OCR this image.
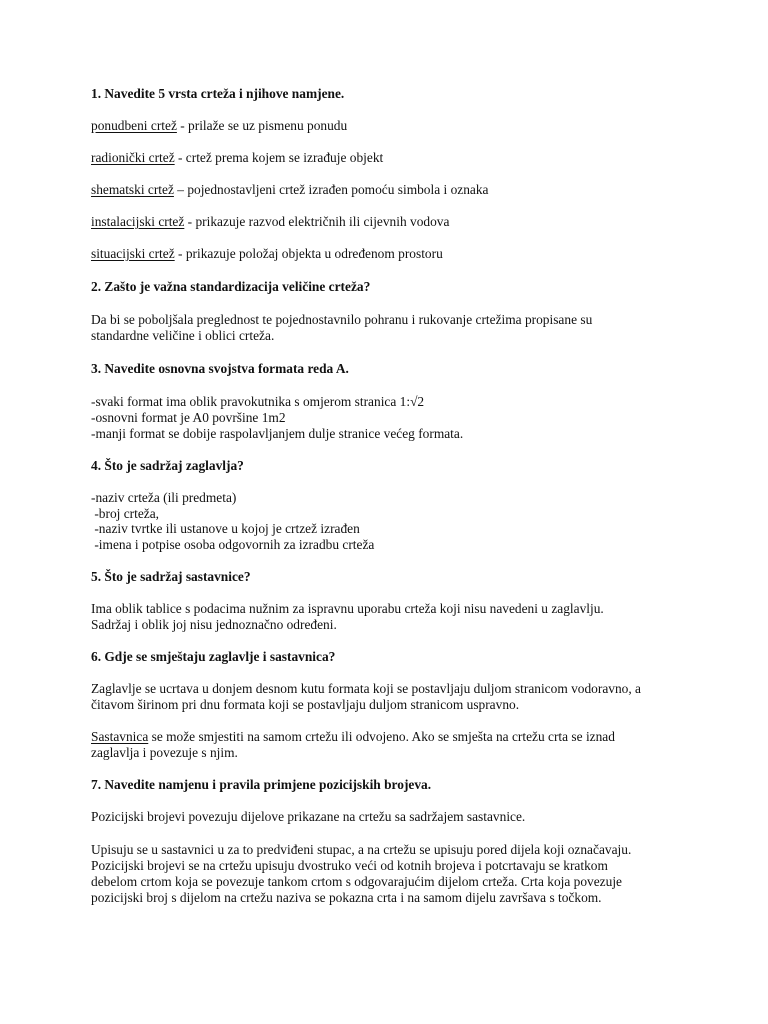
1. Navedite 5 vrsta crteža i njihove namjene.
ponudbeni crtež - prilaže se uz pismenu ponudu
radionički crtež - crtež prema kojem se izrađuje objekt
shematski crtež – pojednostavljeni crtež izrađen pomoću simbola i oznaka
instalacijski crtež - prikazuje razvod električnih ili cijevnih vodova
situacijski crtež - prikazuje položaj objekta u određenom prostoru
2. Zašto je važna standardizacija veličine crteža?
Da bi se poboljšala preglednost te pojednostavnilo pohranu i rukovanje crtežima propisane su
standardne veličine i oblici crteža.
3. Navedite osnovna svojstva formata reda A.
-svaki format ima oblik pravokutnika s omjerom stranica 1:√2
-osnovni format je A0 površine 1m2
-manji format se dobije raspolavljanjem dulje stranice većeg formata.
4. Što je sadržaj zaglavlja?
-naziv crteža (ili predmeta)
-broj crteža,
-naziv tvrtke ili ustanove u kojoj je crtzež izrađen
-imena i potpise osoba odgovornih za izradbu crteža
5. Što je sadržaj sastavnice?
Ima oblik tablice s podacima nužnim za ispravnu uporabu crteža koji nisu navedeni u zaglavlju.
Sadržaj i oblik joj nisu jednoznačno određeni.
6. Gdje se smještaju zaglavlje i sastavnica?
Zaglavlje se ucrtava u donjem desnom kutu formata koji se postavljaju duljom stranicom vodoravno, a
čitavom širinom pri dnu formata koji se postavljaju duljom stranicom uspravno.
Sastavnica se može smjestiti na samom crtežu ili odvojeno. Ako se smješta na crtežu crta se iznad
zaglavlja i povezuje s njim.
7. Navedite namjenu i pravila primjene pozicijskih brojeva.
Pozicijski brojevi povezuju dijelove prikazane na crtežu sa sadržajem sastavnice.
Upisuju se u sastavnici u za to predviđeni stupac, a na crtežu se upisuju pored dijela koji označavaju.
Pozicijski brojevi se na crtežu upisuju dvostruko veći od kotnih brojeva i potcrtavaju se kratkom
debelom crtom koja se povezuje tankom crtom s odgovarajućim dijelom crteža. Crta koja povezuje
pozicijski broj s dijelom na crtežu naziva se pokazna crta i na samom dijelu završava s točkom.
